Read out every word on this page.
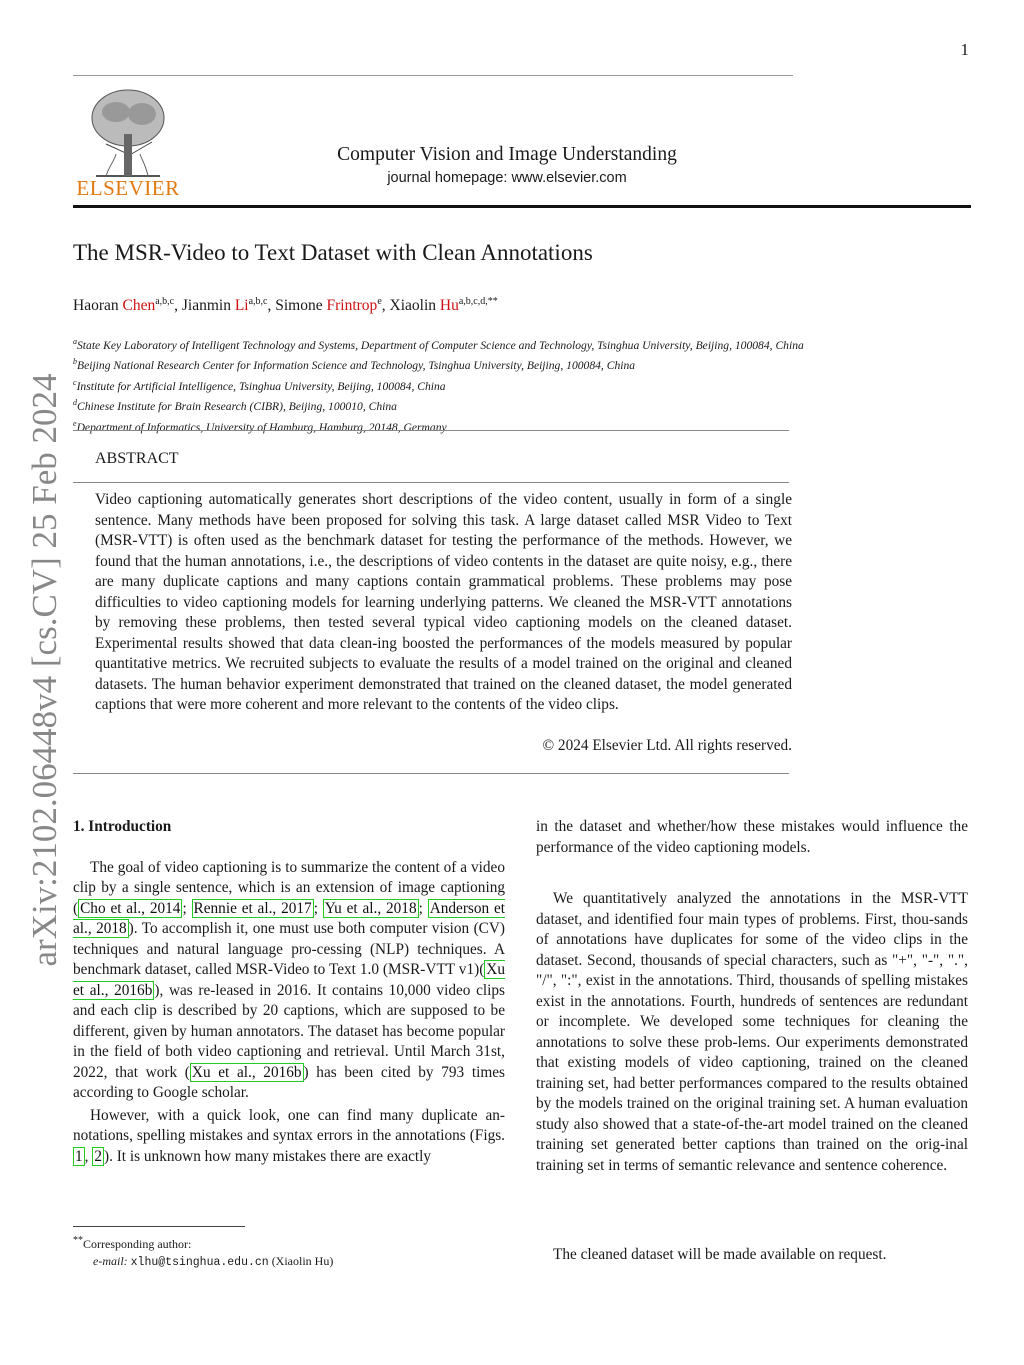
1
ELSEVIER
Computer Vision and Image Understanding
journal homepage: www.elsevier.com
arXiv:2102.06448v4 [cs.CV] 25 Feb 2024
The MSR-Video to Text Dataset with Clean Annotations
Haoran Chen$^{a,b,c}$, Jianmin Li$^{a,b,c}$, Simone Frintrop$^e$, Xiaolin $Hu^{a,b,c,d,**}$
$^a$State Key Laboratory of Intelligent Technology and Systems, Department of Computer Science and Technology, Tsinghua University, Beijing, 100084, China
$^b$Beijing National Research Center for Information Science and Technology, Tsinghua University, Beijing, 100084, China
$^c$Institute for Artificial Intelligence, Tsinghua University, Beijing, 100084, China
$^d$Chinese Institute for Brain Research (CIBR), Beijing, 100010, China
$^e$Department of Informatics, University of Hamburg, Hamburg, 20148, Germany
ABSTRACT
Video captioning automatically generates short descriptions of the video content, usually in form of a single sentence. Many methods have been proposed for solving this task. A large dataset called MSR Video to Text (MSR-VTT) is often used as the benchmark dataset for testing the performance of the methods. However, we found that the human annotations, i.e., the descriptions of video contents in the dataset are quite noisy, e.g., there are many duplicate captions and many captions contain grammatical problems. These problems may pose difficulties to video captioning models for learning underlying patterns. We cleaned the MSR-VTT annotations by removing these problems, then tested several typical video captioning models on the cleaned dataset. Experimental results showed that data clean-ing boosted the performances of the models measured by popular quantitative metrics. We recruited subjects to evaluate the results of a model trained on the original and cleaned datasets. The human behavior experiment demonstrated that trained on the cleaned dataset, the model generated captions that were more coherent and more relevant to the contents of the video clips.
© 2024 Elsevier Ltd. All rights reserved.

1. Introduction

The goal of video captioning is to summarize the content of a video clip by a single sentence, which is an extension of image captioning ( Cho et al., 2014 ; Rennie et al., 2017 ; Yu et al., 2018 ; Anderson et al., 2018 ). To accomplish it, one must use both computer vision (CV) techniques and natural language pro-cessing (NLP) techniques. A benchmark dataset, called MSR-Video to Text 1.0 (MSR-VTT v1)( Xu et al., 2016b ), was re-leased in 2016. It contains 10,000 video clips and each clip is described by 20 captions, which are supposed to be different, given by human annotators. The dataset has become popular in the field of both video captioning and retrieval. Until March 31st, 2022, that work ( Xu et al., 2016b ) has been cited by 793 times according to Google scholar.

However, with a quick look, one can find many duplicate an-notations, spelling mistakes and syntax errors in the annotations (Figs. 1 , 2 ). It is unknown how many mistakes there are exactly

in the dataset and whether/how these mistakes would influence the performance of the video captioning models.

We quantitatively analyzed the annotations in the MSR-VTT dataset, and identified four main types of problems. First, thou-sands of annotations have duplicates for some of the video clips in the dataset. Second, thousands of special characters, such as "+", "-", ".", "/", ":", exist in the annotations. Third, thousands of spelling mistakes exist in the annotations. Fourth, hundreds of sentences are redundant or incomplete. We developed some techniques for cleaning the annotations to solve these prob-lems. Our experiments demonstrated that existing models of video captioning, trained on the cleaned training set, had better performances compared to the results obtained by the models trained on the original training set. A human evaluation study also showed that a state-of-the-art model trained on the cleaned training set generated better captions than trained on the orig-inal training set in terms of semantic relevance and sentence coherence.

The cleaned dataset will be made available on request.
**Corresponding author:
e-mail: xlhu@tsinghua.edu.cn (Xiaolin Hu)
